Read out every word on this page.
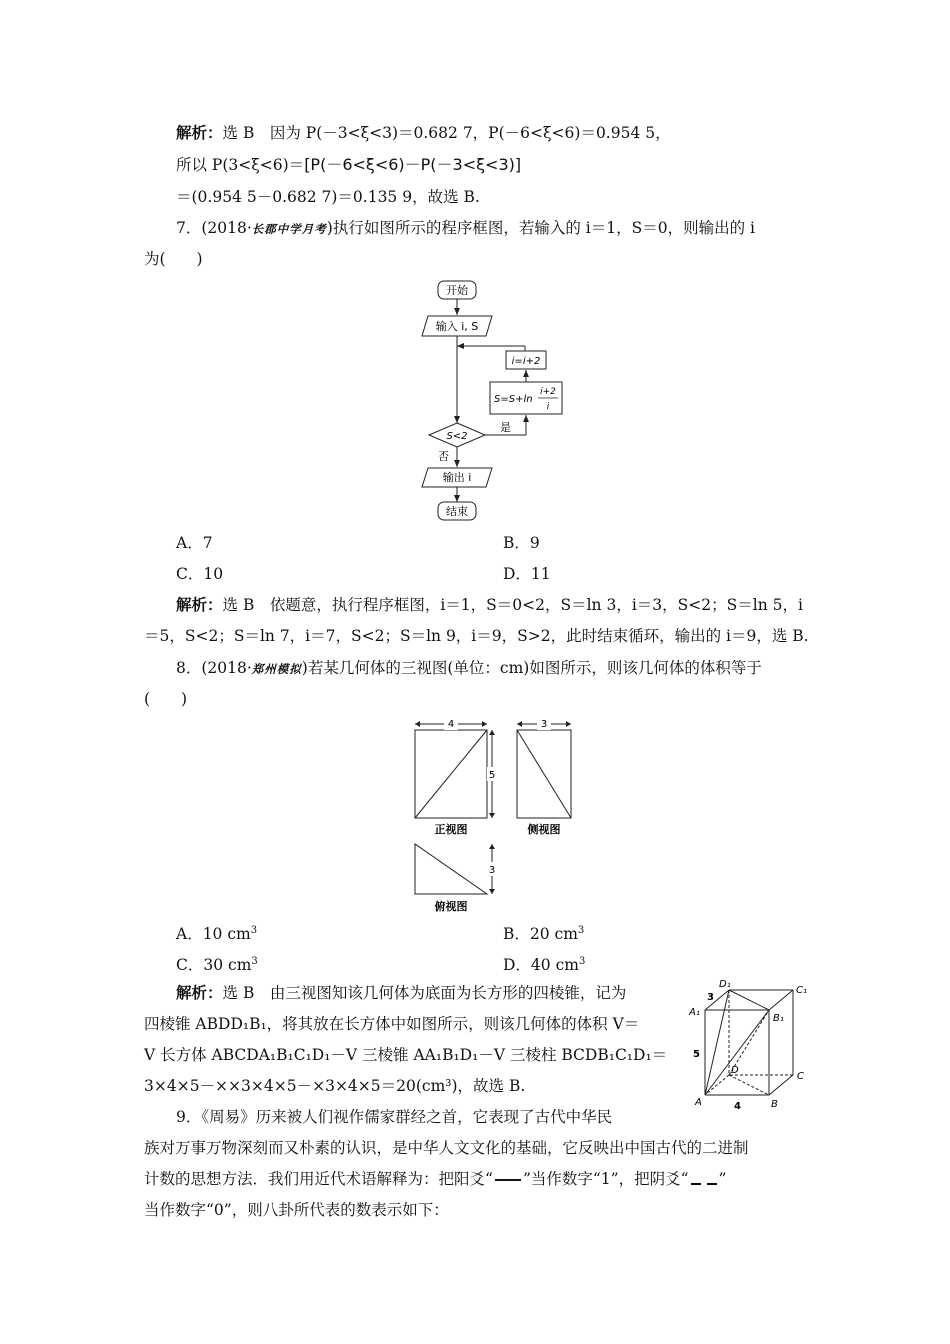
解析：选 B　因为 P(－3<ξ<3)＝0.682 7，P(－6<ξ<6)＝0.954 5，
所以 P(3<ξ<6)＝[P(－6<ξ<6)－P(－3<ξ<3)]
＝(0.954 5－0.682 7)＝0.135 9，故选 B.
7．(2018·长郡中学月考)执行如图所示的程序框图，若输入的 i＝1，S＝0，则输出的 i
为(　　)
开始
输入 i, S
i=i+2
S=S+ln
i+2
i
是
S<2
否
输出 i
结束
A．7	B．9
C．10	D．11
解析：选 B　依题意，执行程序框图，i＝1，S＝0<2，S＝ln 3，i＝3，S<2；S＝ln 5，i
＝5，S<2；S＝ln 7，i＝7，S<2；S＝ln 9，i＝9，S>2，此时结束循环，输出的 i＝9，选 B.
8．(2018·郑州模拟)若某几何体的三视图(单位：cm)如图所示，则该几何体的体积等于
(　　)
4
5
正视图
3
侧视图
3
俯视图
A．10 $cm^3$	B．20 $cm^3$
C．30 $cm^3$	D．40 $cm^3$
解析：选 B　由三视图知该几何体为底面为长方形的四棱锥，记为
四棱锥 ABDD₁B₁，将其放在长方体中如图所示，则该几何体的体积 V＝
V 长方体 ABCDA₁B₁C₁D₁－V 三棱锥 AA₁B₁D₁－V 三棱柱 BCDB₁C₁D₁＝
3×4×5－××3×4×5－×3×4×5＝20(cm³)，故选 B.
A	B
C
D
A₁
B₁
C₁
D₁
3
4
5
9．《周易》历来被人们视作儒家群经之首，它表现了古代中华民
族对万事万物深刻而又朴素的认识，是中华人文文化的基础，它反映出中国古代的二进制
计数的思想方法．我们用近代术语解释为：把阳爻“ ”当作数字“1”，把阴爻“ ”
当作数字“0”，则八卦所代表的数表示如下：
